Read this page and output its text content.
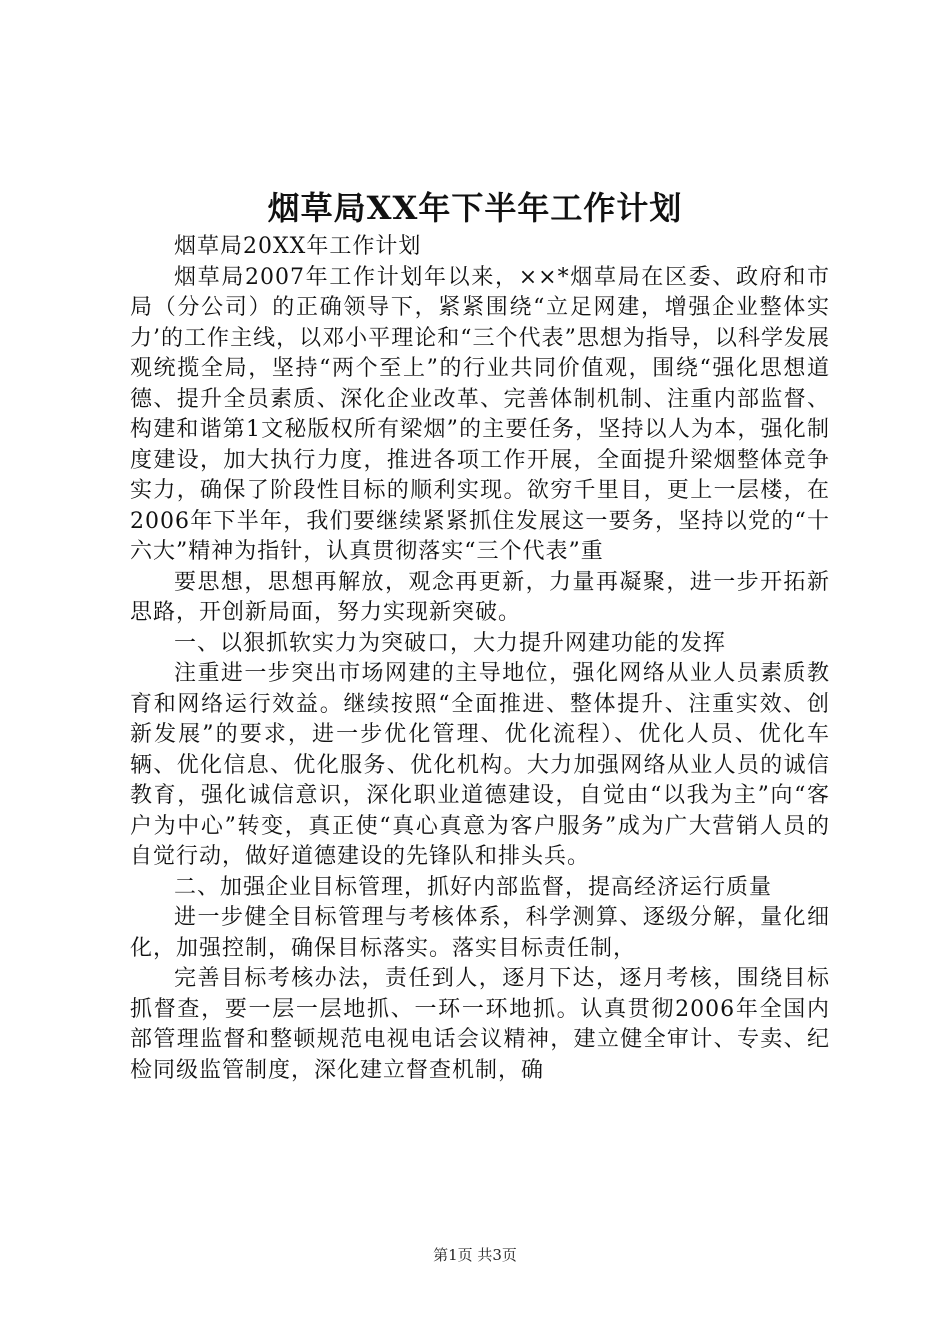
烟草局XX年下半年工作计划

烟草局20XX年工作计划

烟草局2007年工作计划年以来，××*烟草局在区委、政府和市局（分公司）的正确领导下，紧紧围绕“立足网建，增强企业整体实力’的工作主线，以邓小平理论和“三个代表”思想为指导，以科学发展观统揽全局，坚持“两个至上”的行业共同价值观，围绕“强化思想道德、提升全员素质、深化企业改革、完善体制机制、注重内部监督、构建和谐第1文秘版权所有梁烟”的主要任务，坚持以人为本，强化制度建设，加大执行力度，推进各项工作开展，全面提升梁烟整体竞争实力，确保了阶段性目标的顺利实现。欲穷千里目，更上一层楼，在2006年下半年，我们要继续紧紧抓住发展这一要务，坚持以党的“十六大”精神为指针，认真贯彻落实“三个代表”重

要思想，思想再解放，观念再更新，力量再凝聚，进一步开拓新思路，开创新局面，努力实现新突破。

一、以狠抓软实力为突破口，大力提升网建功能的发挥

注重进一步突出市场网建的主导地位，强化网络从业人员素质教育和网络运行效益。继续按照“全面推进、整体提升、注重实效、创新发展”的要求，进一步优化管理、优化流程）、优化人员、优化车辆、优化信息、优化服务、优化机构。大力加强网络从业人员的诚信教育，强化诚信意识，深化职业道德建设，自觉由“以我为主”向“客户为中心”转变，真正使“真心真意为客户服务”成为广大营销人员的自觉行动，做好道德建设的先锋队和排头兵。

二、加强企业目标管理，抓好内部监督，提高经济运行质量

进一步健全目标管理与考核体系，科学测算、逐级分解，量化细化，加强控制，确保目标落实。落实目标责任制，

完善目标考核办法，责任到人，逐月下达，逐月考核，围绕目标抓督查，要一层一层地抓、一环一环地抓。认真贯彻2006年全国内部管理监督和整顿规范电视电话会议精神，建立健全审计、专卖、纪检同级监管制度，深化建立督查机制，确

第1页 共3页
